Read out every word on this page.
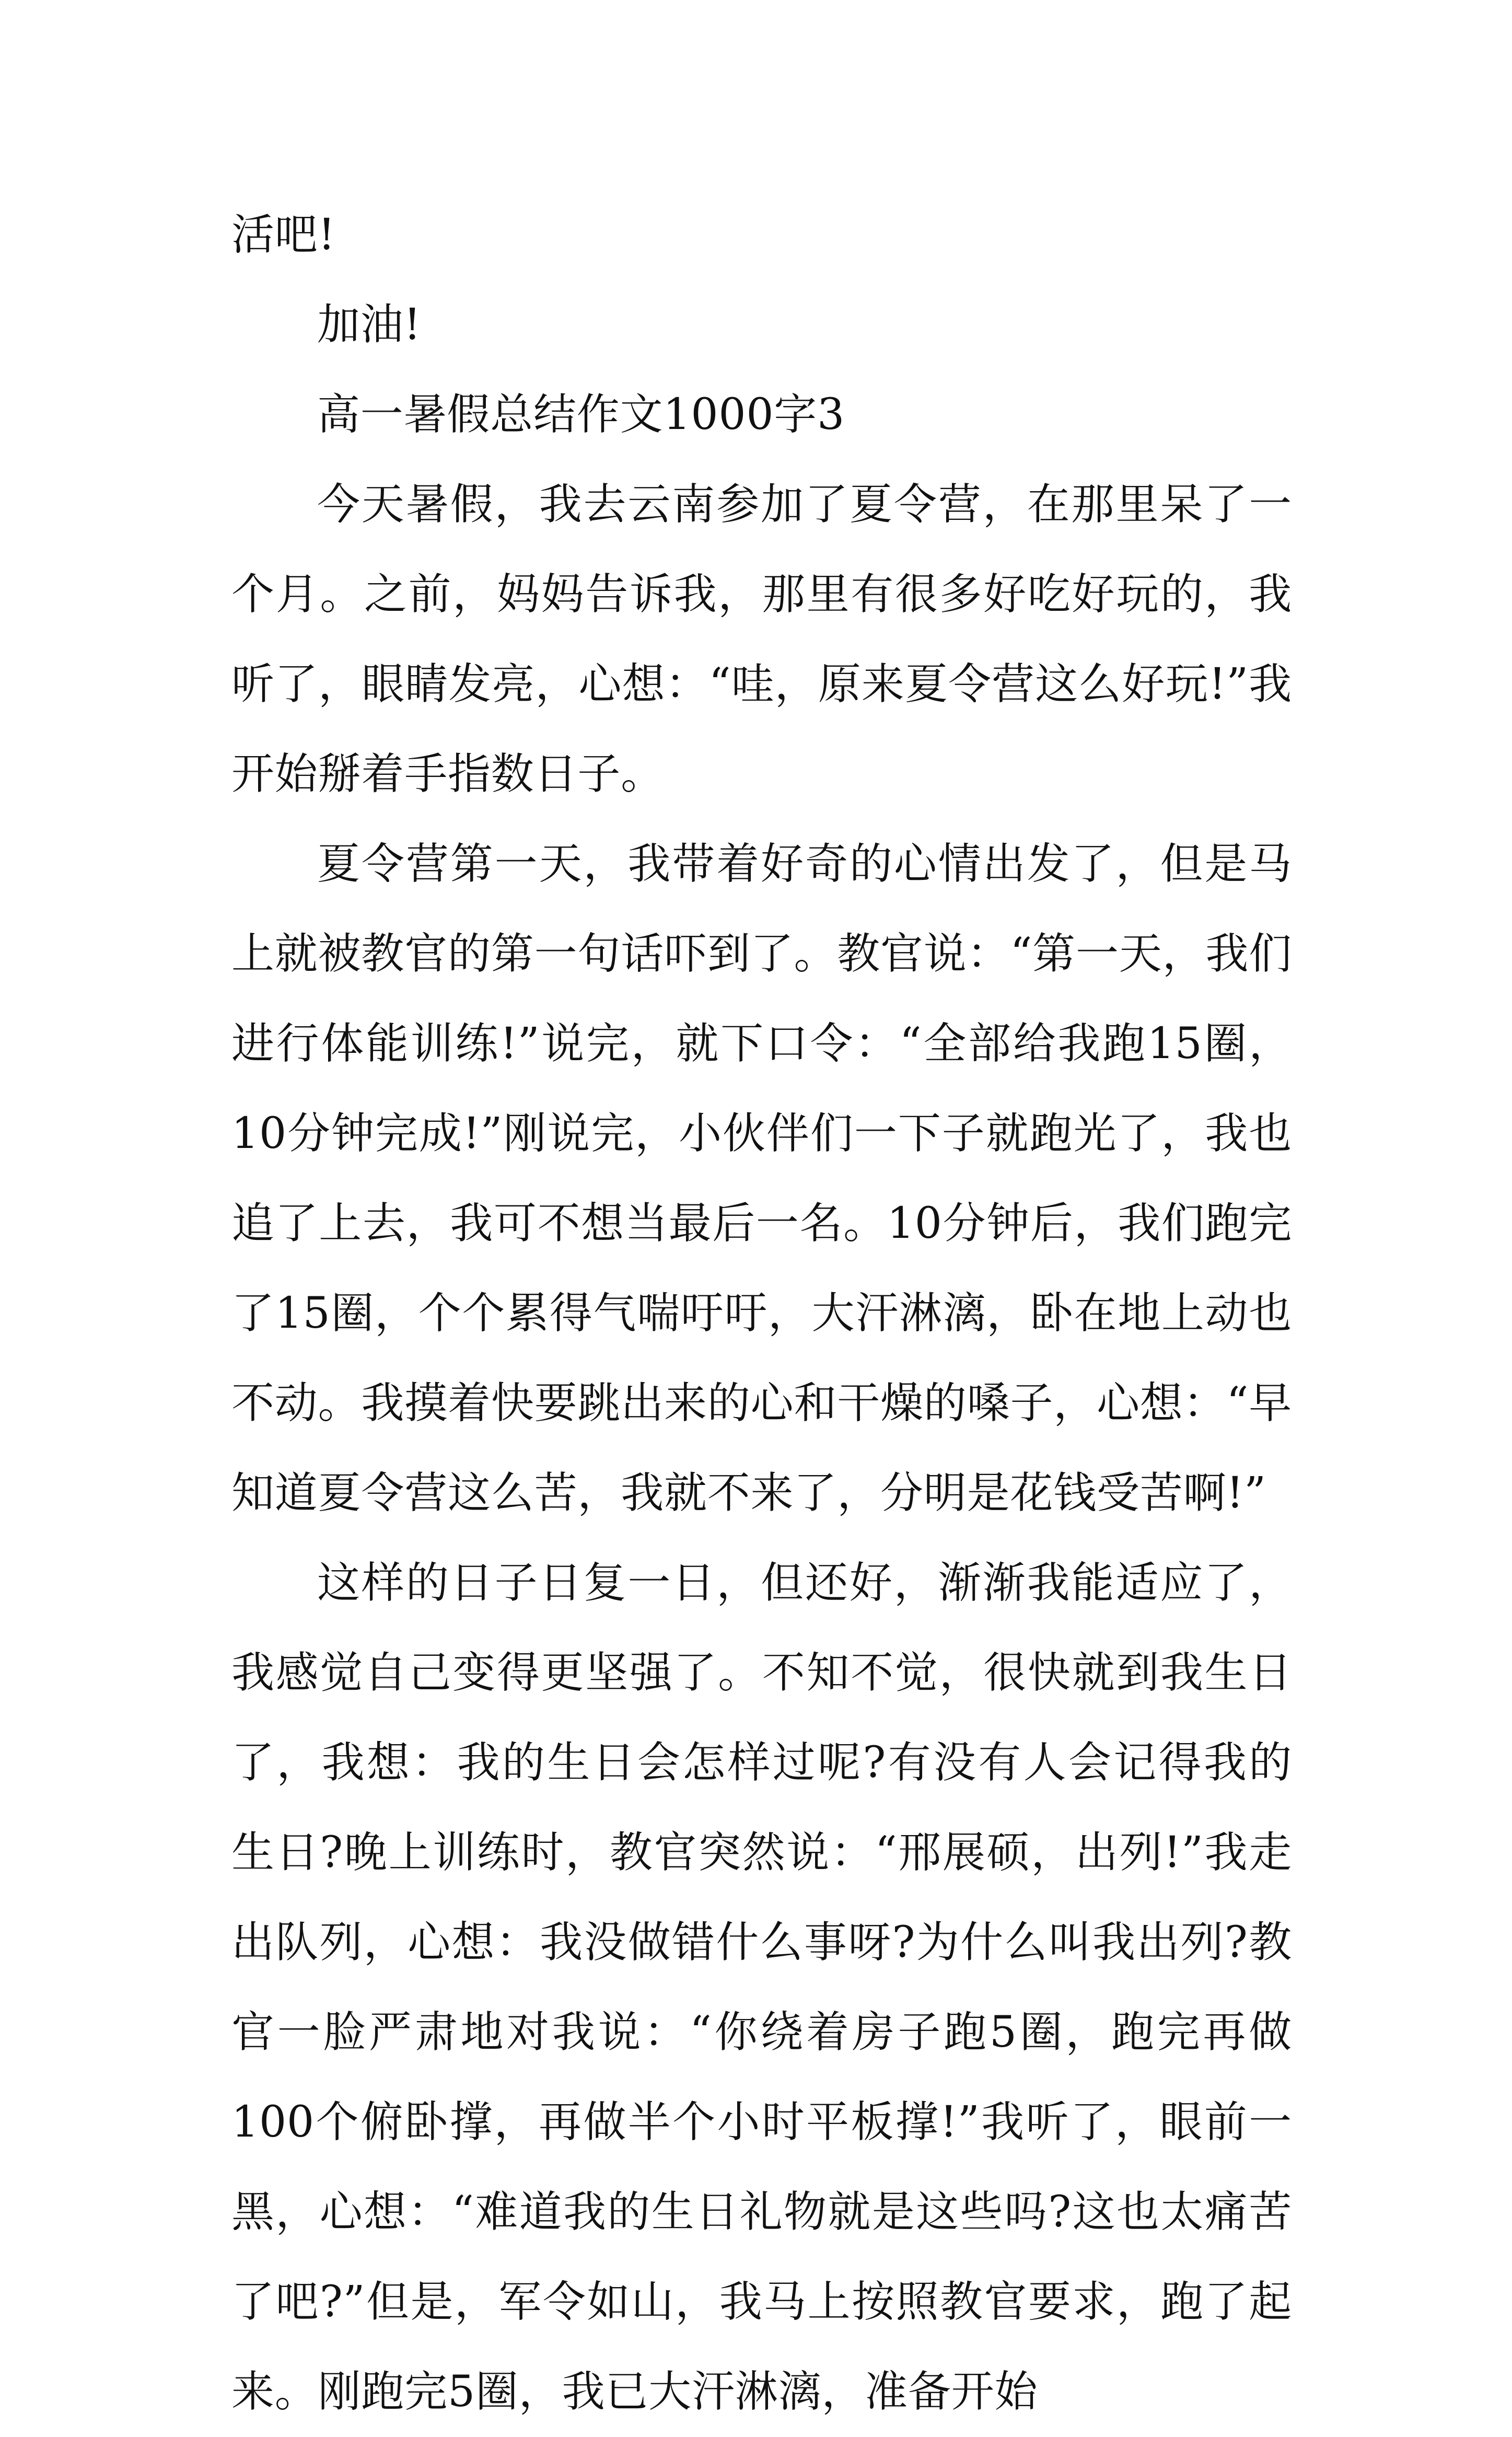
活吧!

加油!

高一暑假总结作文1000字3

今天暑假，我去云南参加了夏令营，在那里呆了一个月。之前，妈妈告诉我，那里有很多好吃好玩的，我听了，眼睛发亮，心想：“哇，原来夏令营这么好玩!”我开始掰着手指数日子。

夏令营第一天，我带着好奇的心情出发了，但是马上就被教官的第一句话吓到了。教官说：“第一天，我们进行体能训练!”说完，就下口令：“全部给我跑15圈，10分钟完成!”刚说完，小伙伴们一下子就跑光了，我也追了上去，我可不想当最后一名。10分钟后，我们跑完了15圈，个个累得气喘吁吁，大汗淋漓，卧在地上动也不动。我摸着快要跳出来的心和干燥的嗓子，心想：“早知道夏令营这么苦，我就不来了，分明是花钱受苦啊!”

这样的日子日复一日，但还好，渐渐我能适应了，我感觉自己变得更坚强了。不知不觉，很快就到我生日了，我想：我的生日会怎样过呢?有没有人会记得我的生日?晚上训练时，教官突然说：“邢展硕，出列!”我走出队列，心想：我没做错什么事呀?为什么叫我出列?教官一脸严肃地对我说：“你绕着房子跑5圈，跑完再做100个俯卧撑，再做半个小时平板撑!”我听了，眼前一黑，心想：“难道我的生日礼物就是这些吗?这也太痛苦了吧?”但是，军令如山，我马上按照教官要求，跑了起来。刚跑完5圈，我已大汗淋漓，准备开始
